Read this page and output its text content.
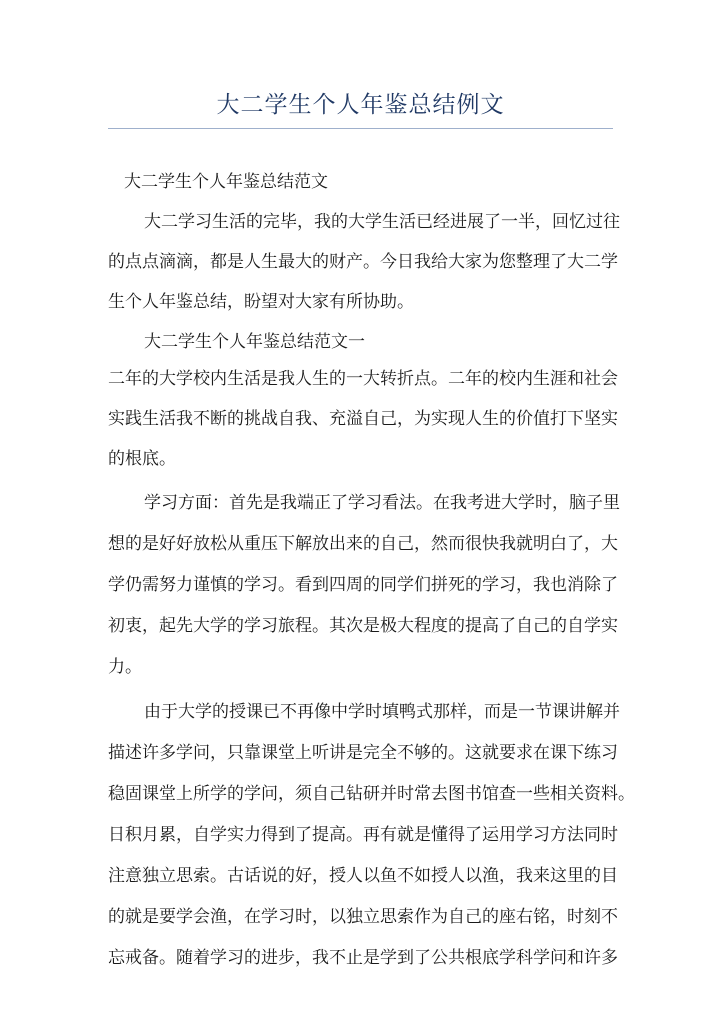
大二学生个人年鉴总结例文
大二学生个人年鉴总结范文
大二学习生活的完毕，我的大学生活已经进展了一半，回忆过往
的点点滴滴，都是人生最大的财产。今日我给大家为您整理了大二学
生个人年鉴总结，盼望对大家有所协助。
大二学生个人年鉴总结范文一
二年的大学校内生活是我人生的一大转折点。二年的校内生涯和社会
实践生活我不断的挑战自我、充溢自己，为实现人生的价值打下坚实
的根底。
学习方面：首先是我端正了学习看法。在我考进大学时，脑子里
想的是好好放松从重压下解放出来的自己，然而很快我就明白了，大
学仍需努力谨慎的学习。看到四周的同学们拼死的学习，我也消除了
初衷，起先大学的学习旅程。其次是极大程度的提高了自己的自学实
力。
由于大学的授课已不再像中学时填鸭式那样，而是一节课讲解并
描述许多学问，只靠课堂上听讲是完全不够的。这就要求在课下练习
稳固课堂上所学的学问，须自己钻研并时常去图书馆查一些相关资料。
日积月累，自学实力得到了提高。再有就是懂得了运用学习方法同时
注意独立思索。古话说的好，授人以鱼不如授人以渔，我来这里的目
的就是要学会渔，在学习时，以独立思索作为自己的座右铭，时刻不
忘戒备。随着学习的进步，我不止是学到了公共根底学科学问和许多
